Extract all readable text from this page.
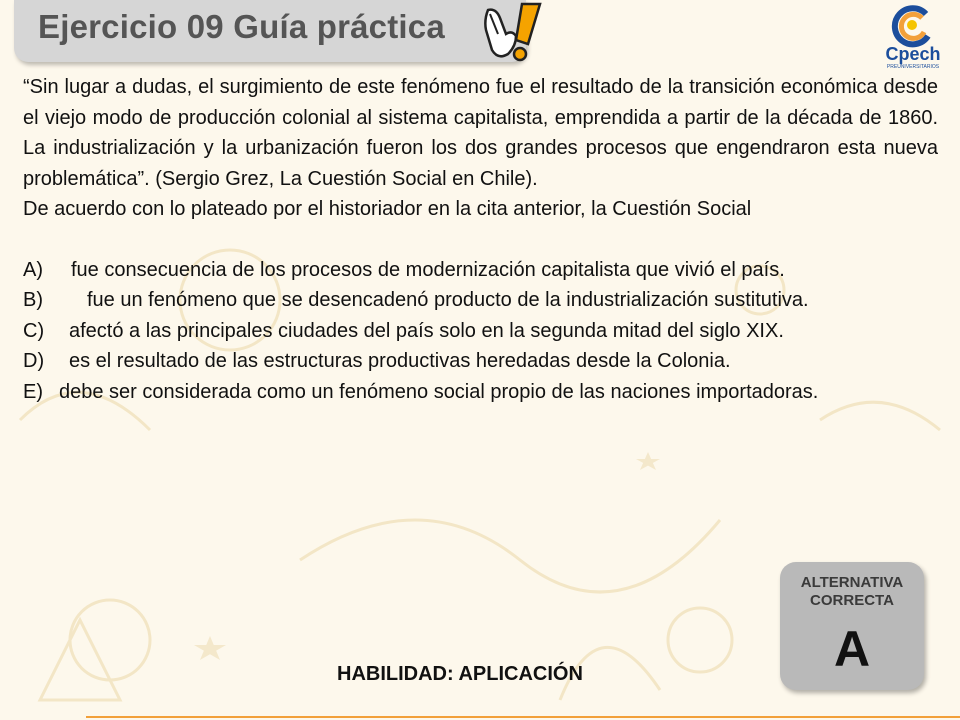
Ejercicio 09 Guía práctica
Cpech
PREUNIVERSITARIOS

“Sin lugar a dudas, el surgimiento de este fenómeno fue el resultado de la transición económica desde el viejo modo de producción colonial al sistema capitalista, emprendida a partir de la década de 1860. La industrialización y la urbanización fueron los dos grandes procesos que engendraron esta nueva problemática”. (Sergio Grez, La Cuestión Social en Chile).

De acuerdo con lo plateado por el historiador en la cita anterior, la Cuestión Social

A) fue consecuencia de los procesos de modernización capitalista que vivió el país.

B) fue un fenómeno que se desencadenó producto de la industrialización sustitutiva.

C) afectó a las principales ciudades del país solo en la segunda mitad del siglo XIX.

D) es el resultado de las estructuras productivas heredadas desde la Colonia.

E) debe ser considerada como un fenómeno social propio de las naciones importadoras.

ALTERNATIVA CORRECTA
A
HABILIDAD: APLICACIÓN
